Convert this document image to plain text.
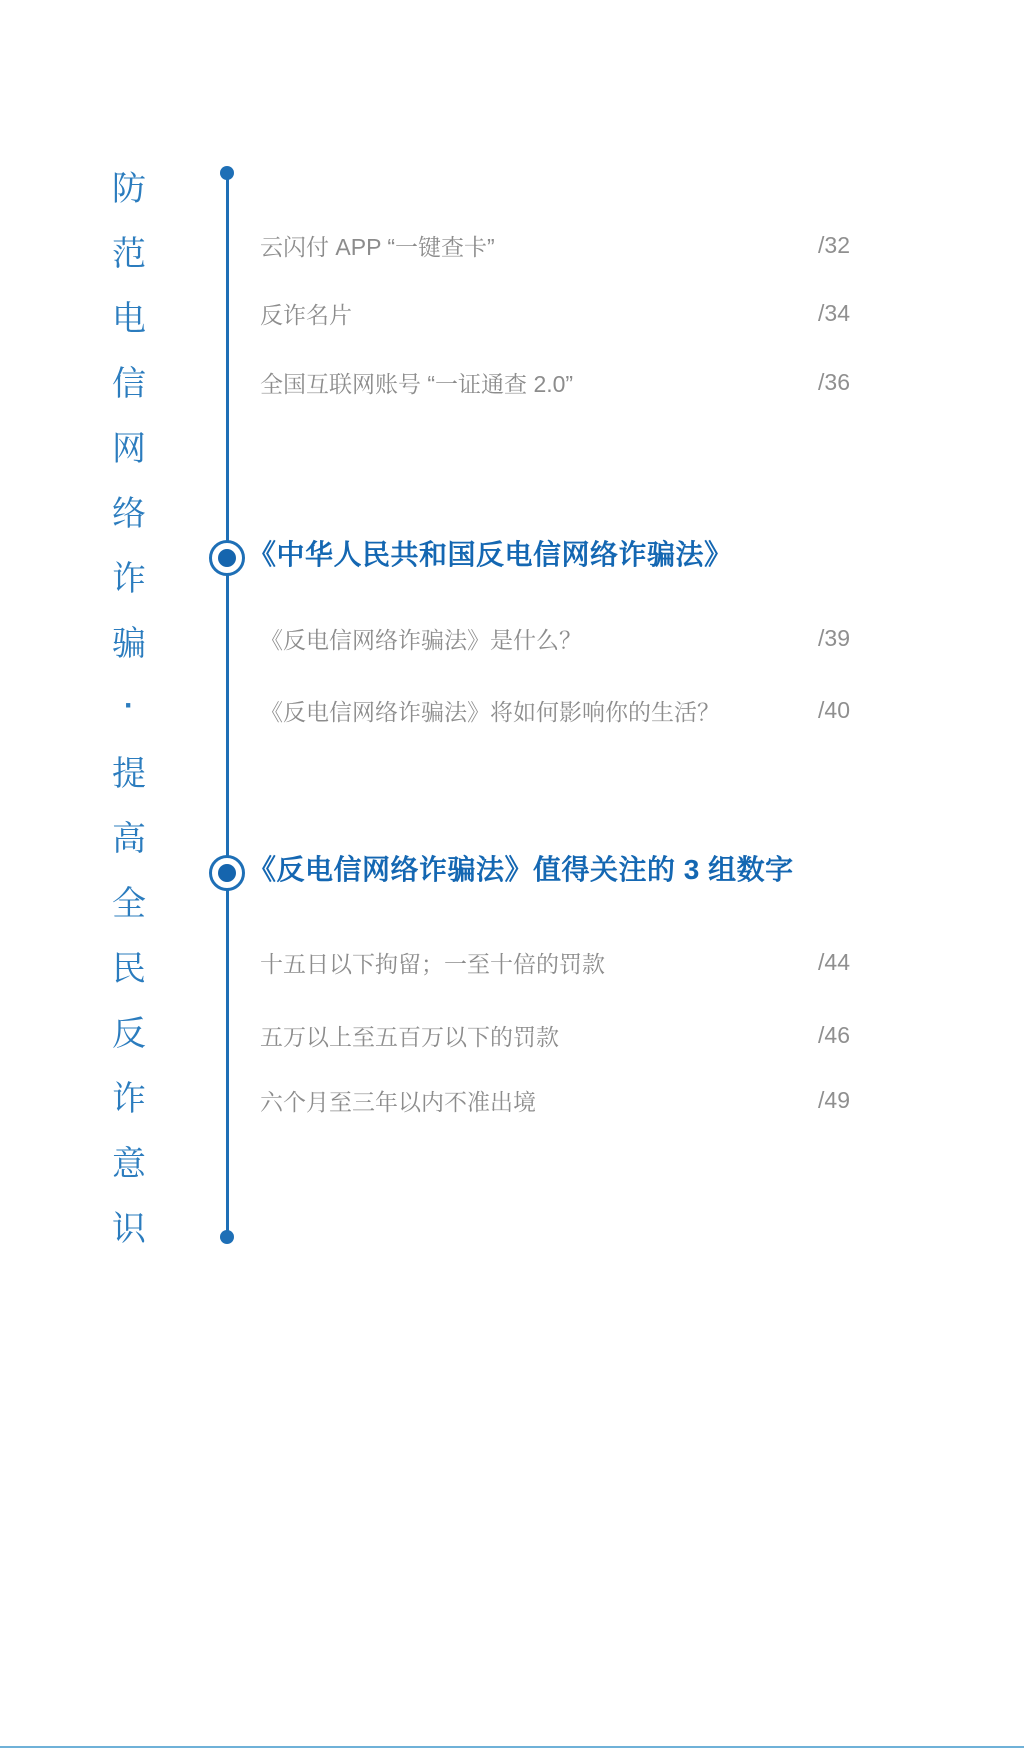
防
范
电
信
网
络
诈
骗
·
提
高
全
民
反
诈
意
识
云闪付 APP “一键查卡”	/32
反诈名片	/34
全国互联网账号 “一证通查 2.0”	/36
《中华人民共和国反电信网络诈骗法》
《反电信网络诈骗法》是什么？	/39
《反电信网络诈骗法》将如何影响你的生活？	/40
《反电信网络诈骗法》值得关注的 3 组数字
十五日以下拘留；一至十倍的罚款	/44
五万以上至五百万以下的罚款	/46
六个月至三年以内不准出境	/49
